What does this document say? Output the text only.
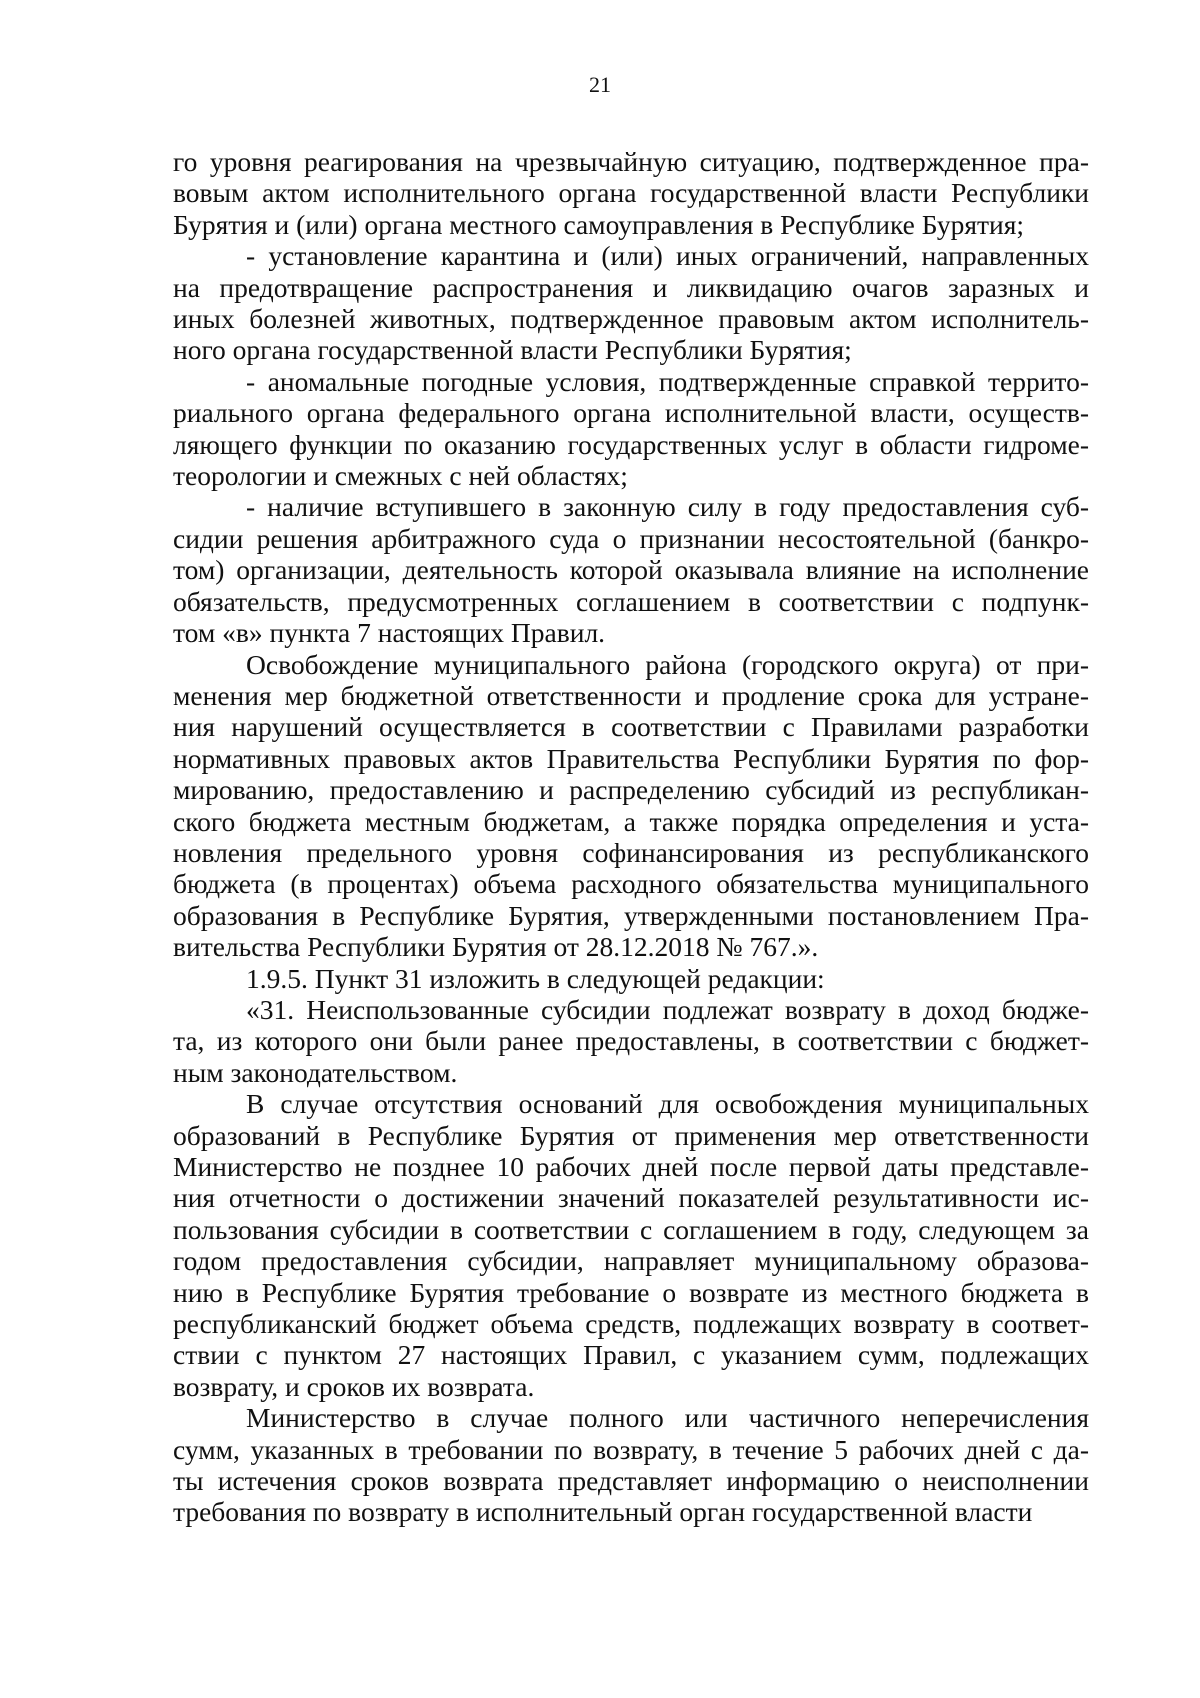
21
го уровня реагирования на чрезвычайную ситуацию, подтвержденное пра-
вовым актом исполнительного органа государственной власти Республики
Бурятия и (или) органа местного самоуправления в Республике Бурятия;
- установление карантина и (или) иных ограничений, направленных
на предотвращение распространения и ликвидацию очагов заразных и
иных болезней животных, подтвержденное правовым актом исполнитель-
ного органа государственной власти Республики Бурятия;
- аномальные погодные условия, подтвержденные справкой террито-
риального органа федерального органа исполнительной власти, осуществ-
ляющего функции по оказанию государственных услуг в области гидроме-
теорологии и смежных с ней областях;
- наличие вступившего в законную силу в году предоставления суб-
сидии решения арбитражного суда о признании несостоятельной (банкро-
том) организации, деятельность которой оказывала влияние на исполнение
обязательств, предусмотренных соглашением в соответствии с подпунк-
том «в» пункта 7 настоящих Правил.
Освобождение муниципального района (городского округа) от при-
менения мер бюджетной ответственности и продление срока для устране-
ния нарушений осуществляется в соответствии с Правилами разработки
нормативных правовых актов Правительства Республики Бурятия по фор-
мированию, предоставлению и распределению субсидий из республикан-
ского бюджета местным бюджетам, а также порядка определения и уста-
новления предельного уровня софинансирования из республиканского
бюджета (в процентах) объема расходного обязательства муниципального
образования в Республике Бурятия, утвержденными постановлением Пра-
вительства Республики Бурятия от 28.12.2018 № 767.».
1.9.5. Пункт 31 изложить в следующей редакции:
«31. Неиспользованные субсидии подлежат возврату в доход бюдже-
та, из которого они были ранее предоставлены, в соответствии с бюджет-
ным законодательством.
В случае отсутствия оснований для освобождения муниципальных
образований в Республике Бурятия от применения мер ответственности
Министерство не позднее 10 рабочих дней после первой даты представле-
ния отчетности о достижении значений показателей результативности ис-
пользования субсидии в соответствии с соглашением в году, следующем за
годом предоставления субсидии, направляет муниципальному образова-
нию в Республике Бурятия требование о возврате из местного бюджета в
республиканский бюджет объема средств, подлежащих возврату в соответ-
ствии с пунктом 27 настоящих Правил, с указанием сумм, подлежащих
возврату, и сроков их возврата.
Министерство в случае полного или частичного неперечисления
сумм, указанных в требовании по возврату, в течение 5 рабочих дней с да-
ты истечения сроков возврата представляет информацию о неисполнении
требования по возврату в исполнительный орган государственной власти
